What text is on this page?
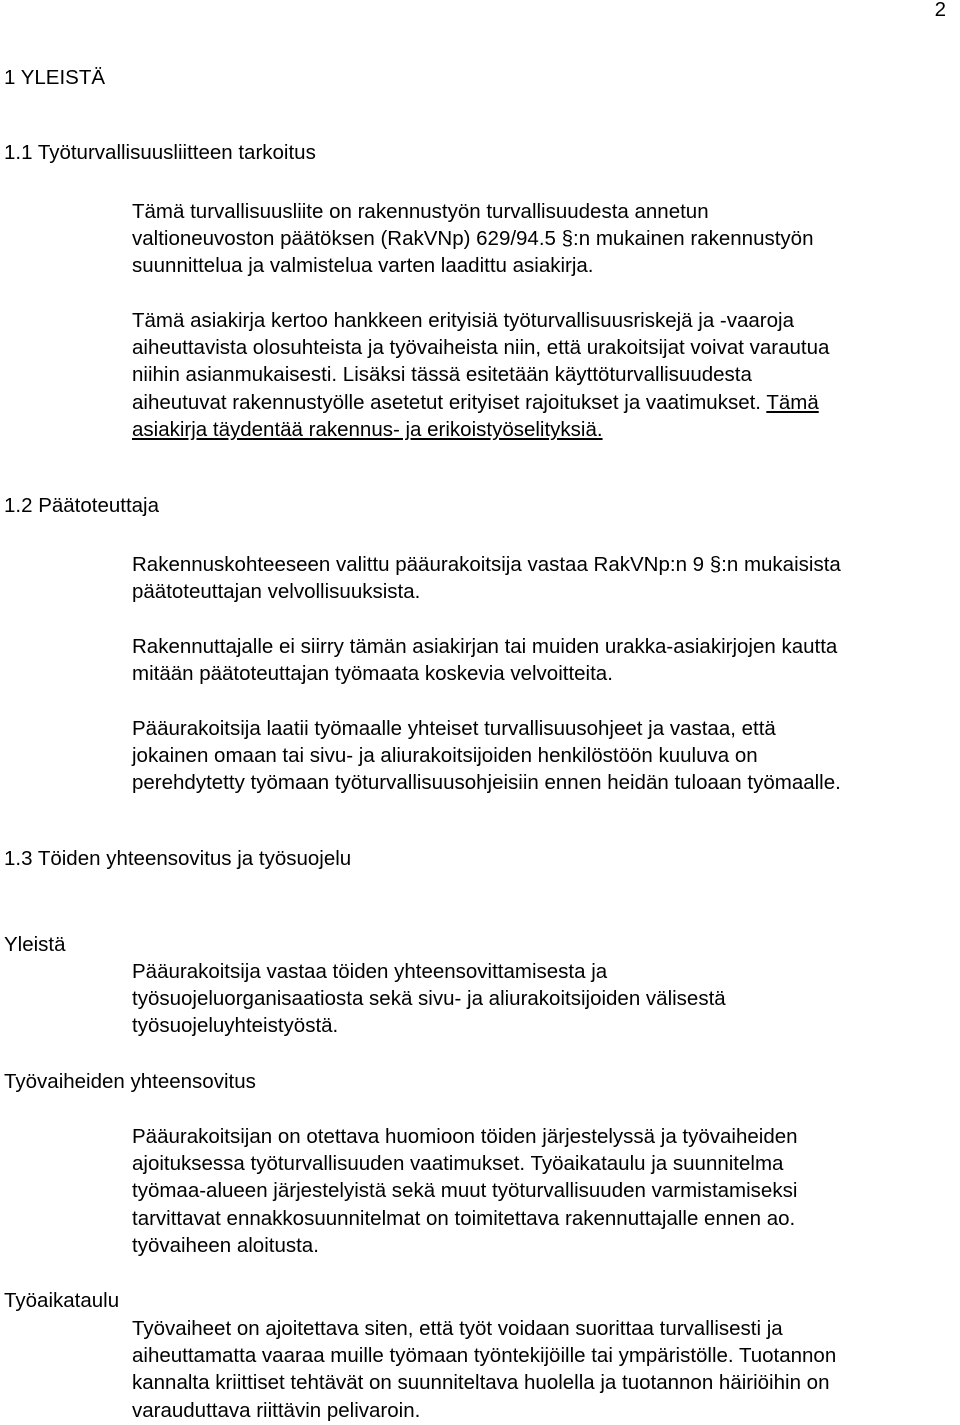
2
1 YLEISTÄ
1.1 Työturvallisuusliitteen tarkoitus

Tämä turvallisuusliite on rakennustyön turvallisuudesta annetun
valtioneuvoston päätöksen (RakVNp) 629/94.5 §:n mukainen rakennustyön
suunnittelua ja valmistelua varten laadittu asiakirja.

Tämä asiakirja kertoo hankkeen erityisiä työturvallisuusriskejä ja -vaaroja
aiheuttavista olosuhteista ja työvaiheista niin, että urakoitsijat voivat varautua
niihin asianmukaisesti. Lisäksi tässä esitetään käyttöturvallisuudesta
aiheutuvat rakennustyölle asetetut erityiset rajoitukset ja vaatimukset. Tämä
asiakirja täydentää rakennus- ja erikoistyöselityksiä.

1.2 Päätoteuttaja

Rakennuskohteeseen valittu pääurakoitsija vastaa RakVNp:n 9 §:n mukaisista
päätoteuttajan velvollisuuksista.

Rakennuttajalle ei siirry tämän asiakirjan tai muiden urakka-asiakirjojen kautta
mitään päätoteuttajan työmaata koskevia velvoitteita.

Pääurakoitsija laatii työmaalle yhteiset turvallisuusohjeet ja vastaa, että
jokainen omaan tai sivu- ja aliurakoitsijoiden henkilöstöön kuuluva on
perehdytetty työmaan työturvallisuusohjeisiin ennen heidän tuloaan työmaalle.

1.3 Töiden yhteensovitus ja työsuojelu
Yleistä

Pääurakoitsija vastaa töiden yhteensovittamisesta ja
työsuojeluorganisaatiosta sekä sivu- ja aliurakoitsijoiden välisestä
työsuojeluyhteistyöstä.

Työvaiheiden yhteensovitus

Pääurakoitsijan on otettava huomioon töiden järjestelyssä ja työvaiheiden
ajoituksessa työturvallisuuden vaatimukset. Työaikataulu ja suunnitelma
työmaa-alueen järjestelyistä sekä muut työturvallisuuden varmistamiseksi
tarvittavat ennakkosuunnitelmat on toimitettava rakennuttajalle ennen ao.
työvaiheen aloitusta.

Työaikataulu

Työvaiheet on ajoitettava siten, että työt voidaan suorittaa turvallisesti ja
aiheuttamatta vaaraa muille työmaan työntekijöille tai ympäristölle. Tuotannon
kannalta kriittiset tehtävät on suunniteltava huolella ja tuotannon häiriöihin on
varauduttava riittävin pelivaroin.
